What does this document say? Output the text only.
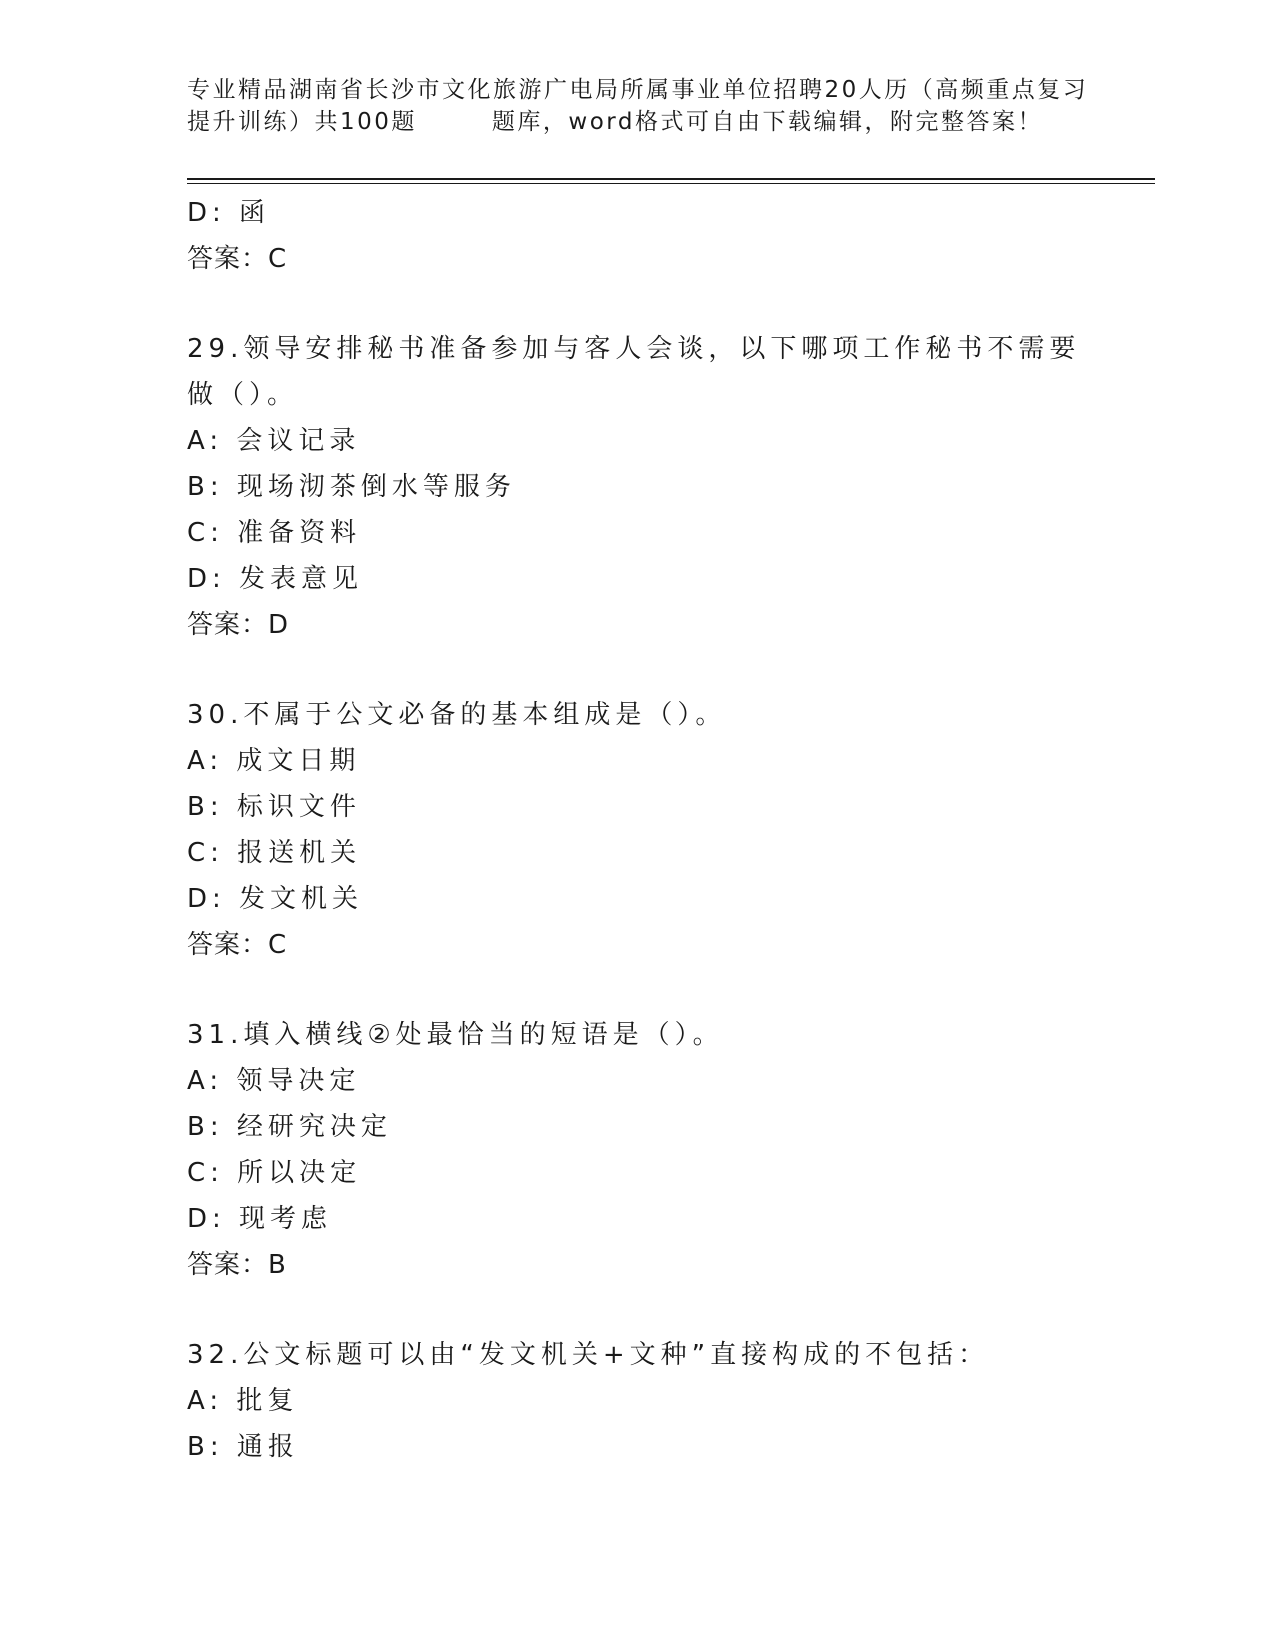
专业精品湖南省长沙市文化旅游广电局所属事业单位招聘20人历（高频重点复习
提升训练）共100题	题库，word格式可自由下载编辑，附完整答案！
D: 函
答案：C
29.领导安排秘书准备参加与客人会谈，以下哪项工作秘书不需要做（）。
A: 会议记录
B: 现场沏茶倒水等服务
C: 准备资料
D: 发表意见
答案：D
30.不属于公文必备的基本组成是（）。
A: 成文日期
B: 标识文件
C: 报送机关
D: 发文机关
答案：C
31.填入横线②处最恰当的短语是（）。
A: 领导决定
B: 经研究决定
C: 所以决定
D: 现考虑
答案：B
32.公文标题可以由“发文机关+文种”直接构成的不包括：
A: 批复
B: 通报
